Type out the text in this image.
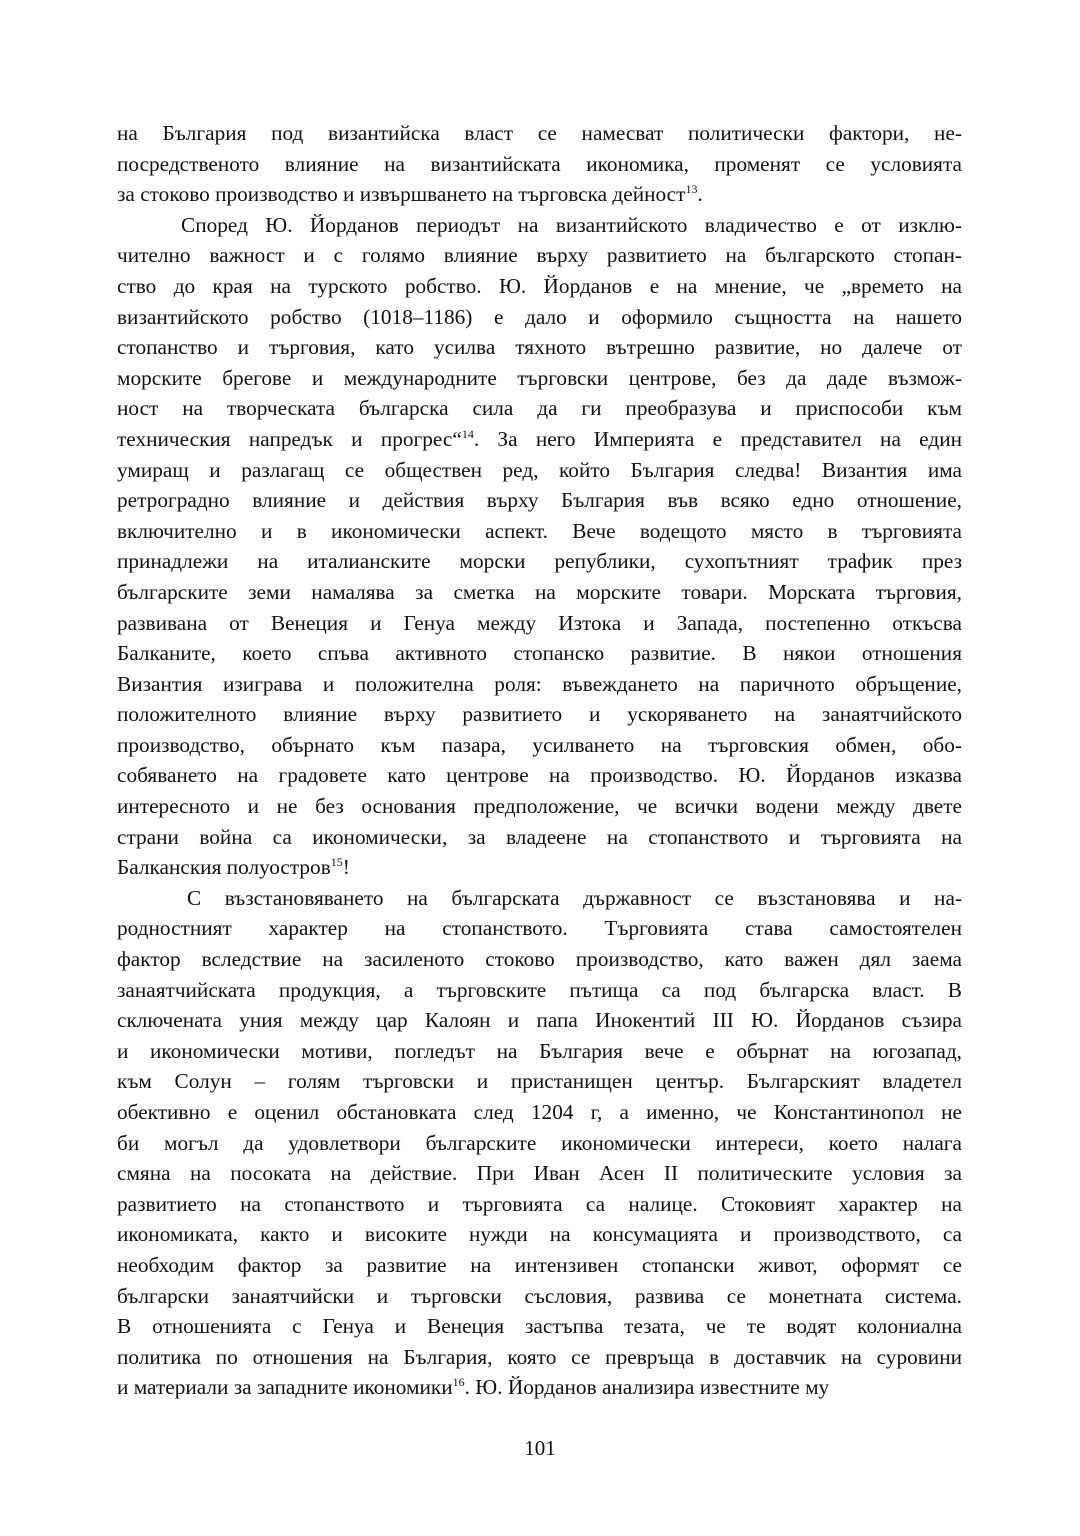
на България под византийска власт се намесват политически фактори, не-
посредственото влияние на византийската икономика, променят се условията
за стоково производство и извършването на търговска дейност$^{13}$.
Според Ю. Йорданов периодът на византийското владичество е от изклю-
чително важност и с голямо влияние върху развитието на българското стопан-
ство до края на турското робство. Ю. Йорданов е на мнение, че „времето на
византийското робство (1018–1186) е дало и оформило същността на нашето
стопанство и търговия, като усилва тяхното вътрешно развитие, но далече от
морските брегове и международните търговски центрове, без да даде възмож-
ност на творческата българска сила да ги преобразува и приспособи към
техническия напредък и прогрес“$^{14}$. За него Империята е представител на един
умиращ и разлагащ се обществен ред, който България следва! Византия има
ретроградно влияние и действия върху България във всяко едно отношение,
включително и в икономически аспект. Вече водещото място в търговията
принадлежи на италианските морски републики, сухопътният трафик през
българските земи намалява за сметка на морските товари. Морската търговия,
развивана от Венеция и Генуа между Изтока и Запада, постепенно откъсва
Балканите, което спъва активното стопанско развитие. В някои отношения
Византия изиграва и положителна роля: въвеждането на паричното обръщение,
положителното влияние върху развитието и ускоряването на занаятчийското
производство, обърнато към пазара, усилването на търговския обмен, обо-
собяването на градовете като центрове на производство. Ю. Йорданов изказва
интересното и не без основания предположение, че всички водени между двете
страни война са икономически, за владеене на стопанството и търговията на
Балканския полуостров$^{15}$!
С възстановяването на българската държавност се възстановява и на-
родностният характер на стопанството. Търговията става самостоятелен
фактор вследствие на засиленото стоково производство, като важен дял заема
занаятчийската продукция, а търговските пътища са под българска власт. В
сключената уния между цар Калоян и папа Инокентий III Ю. Йорданов съзира
и икономически мотиви, погледът на България вече е обърнат на югозапад,
към Солун – голям търговски и пристанищен център. Българският владетел
обективно е оценил обстановката след 1204 г, а именно, че Константинопол не
би могъл да удовлетвори българските икономически интереси, което налага
смяна на посоката на действие. При Иван Асен II политическите условия за
развитието на стопанството и търговията са налице. Стоковият характер на
икономиката, както и високите нужди на консумацията и производството, са
необходим фактор за развитие на интензивен стопански живот, оформят се
български занаятчийски и търговски съсловия, развива се монетната система.
В отношенията с Генуа и Венеция застъпва тезата, че те водят колониална
политика по отношения на България, която се превръща в доставчик на суровини
и материали за западните икономики$^{16}$. Ю. Йорданов анализира известните му
101
